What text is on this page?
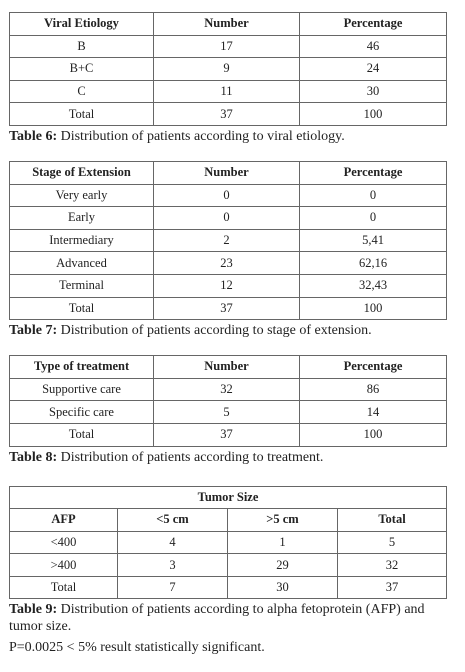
Viral Etiology	Number	Percentage
B	17	46
B+C	9	24
C	11	30
Total	37	100

Table 6: Distribution of patients according to viral etiology.

Stage of Extension	Number	Percentage
Very early	0	0
Early	0	0
Intermediary	2	5,41
Advanced	23	62,16
Terminal	12	32,43
Total	37	100

Table 7: Distribution of patients according to stage of extension.

Type of treatment	Number	Percentage
Supportive care	32	86
Specific care	5	14
Total	37	100

Table 8: Distribution of patients according to treatment.

Tumor Size			
AFP	<5 cm	>5 cm	Total
<400	4	1	5
>400	3	29	32
Total	7	30	37

Table 9: Distribution of patients according to alpha fetoprotein (AFP) and tumor size.

P=0.0025 < 5% result statistically significant.
